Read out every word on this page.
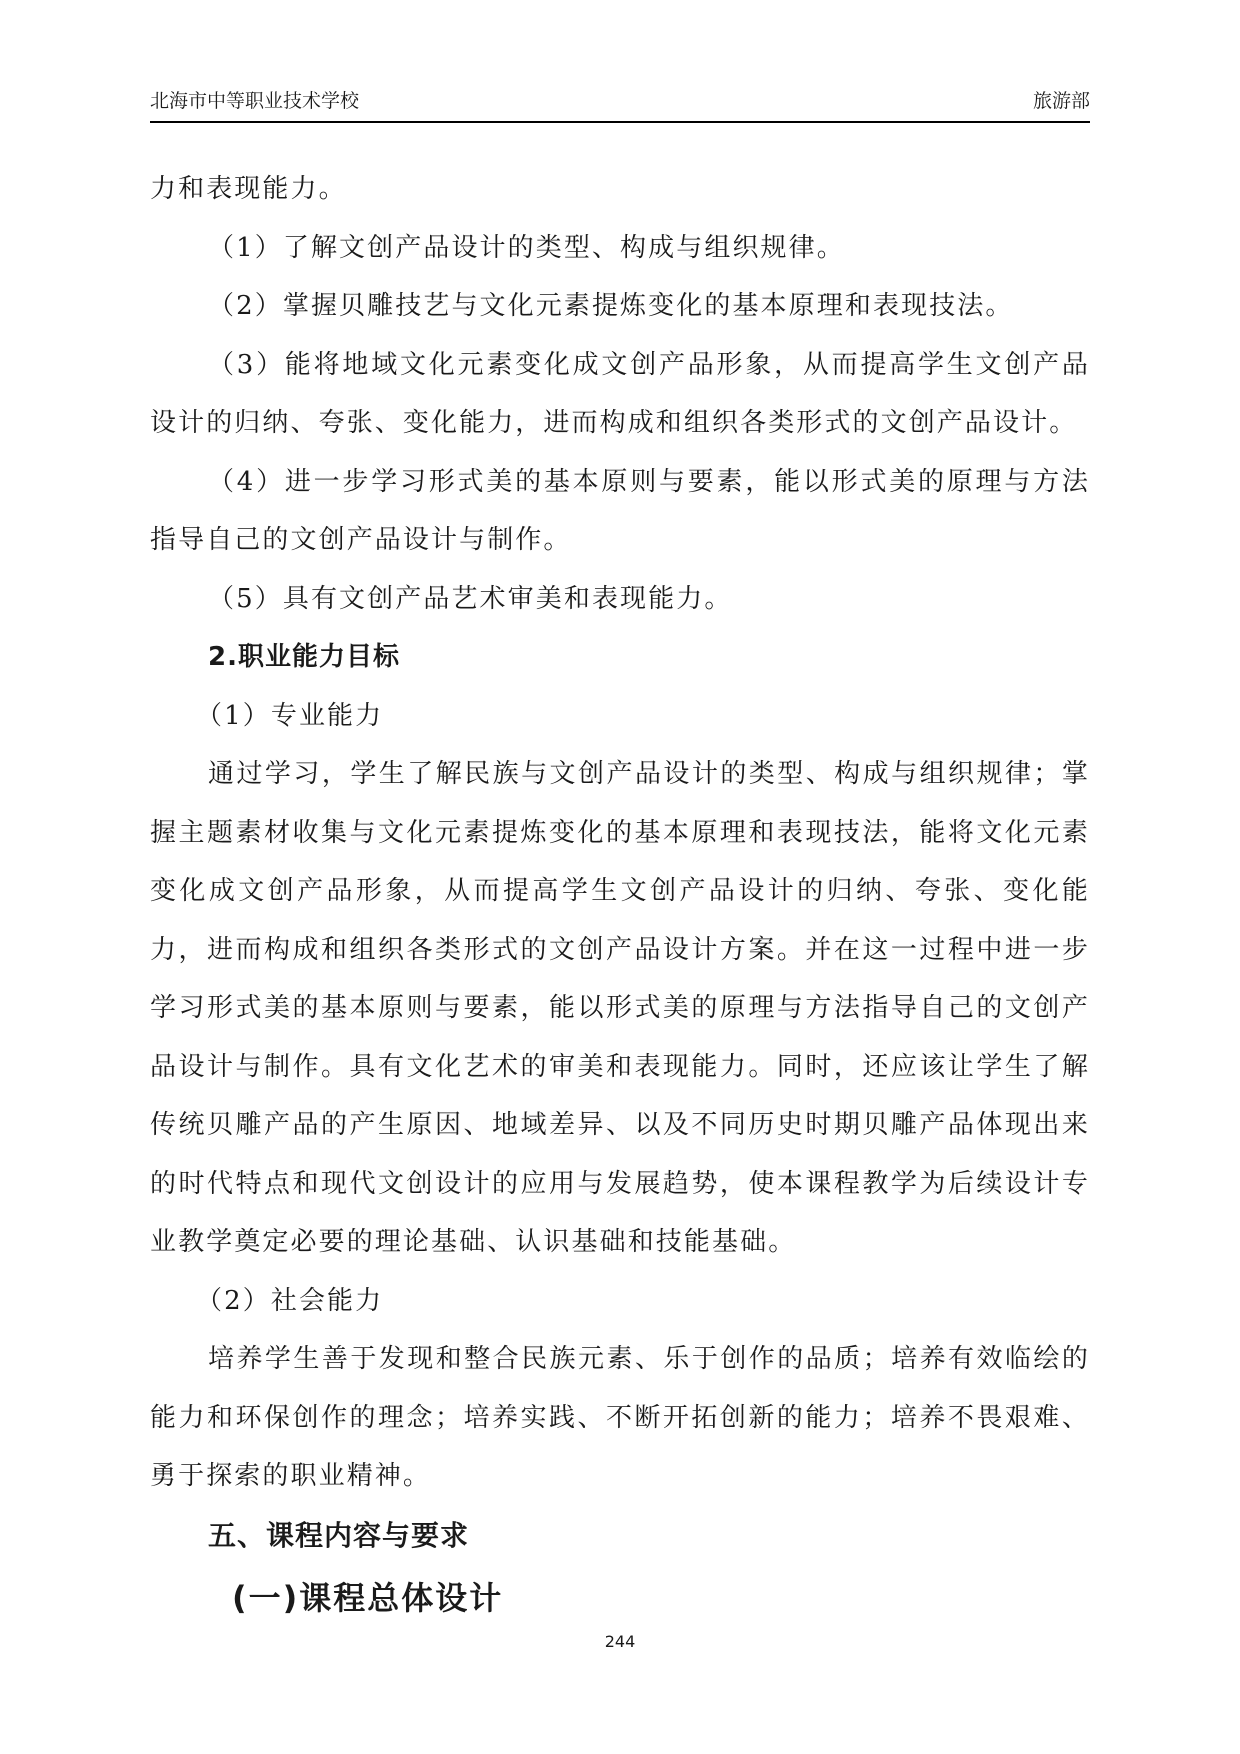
北海市中等职业技术学校	旅游部

力和表现能力。

（1）了解文创产品设计的类型、构成与组织规律。

（2）掌握贝雕技艺与文化元素提炼变化的基本原理和表现技法。

（3）能将地域文化元素变化成文创产品形象，从而提高学生文创产品设计的归纳、夸张、变化能力，进而构成和组织各类形式的文创产品设计。

（4）进一步学习形式美的基本原则与要素，能以形式美的原理与方法指导自己的文创产品设计与制作。

（5）具有文创产品艺术审美和表现能力。

2.职业能力目标

（1）专业能力

通过学习，学生了解民族与文创产品设计的类型、构成与组织规律；掌握主题素材收集与文化元素提炼变化的基本原理和表现技法，能将文化元素变化成文创产品形象，从而提高学生文创产品设计的归纳、夸张、变化能力，进而构成和组织各类形式的文创产品设计方案。并在这一过程中进一步学习形式美的基本原则与要素，能以形式美的原理与方法指导自己的文创产品设计与制作。具有文化艺术的审美和表现能力。同时，还应该让学生了解传统贝雕产品的产生原因、地域差异、以及不同历史时期贝雕产品体现出来的时代特点和现代文创设计的应用与发展趋势，使本课程教学为后续设计专业教学奠定必要的理论基础、认识基础和技能基础。

（2）社会能力

培养学生善于发现和整合民族元素、乐于创作的品质；培养有效临绘的能力和环保创作的理念；培养实践、不断开拓创新的能力；培养不畏艰难、勇于探索的职业精神。

五、课程内容与要求

(一)课程总体设计

244
